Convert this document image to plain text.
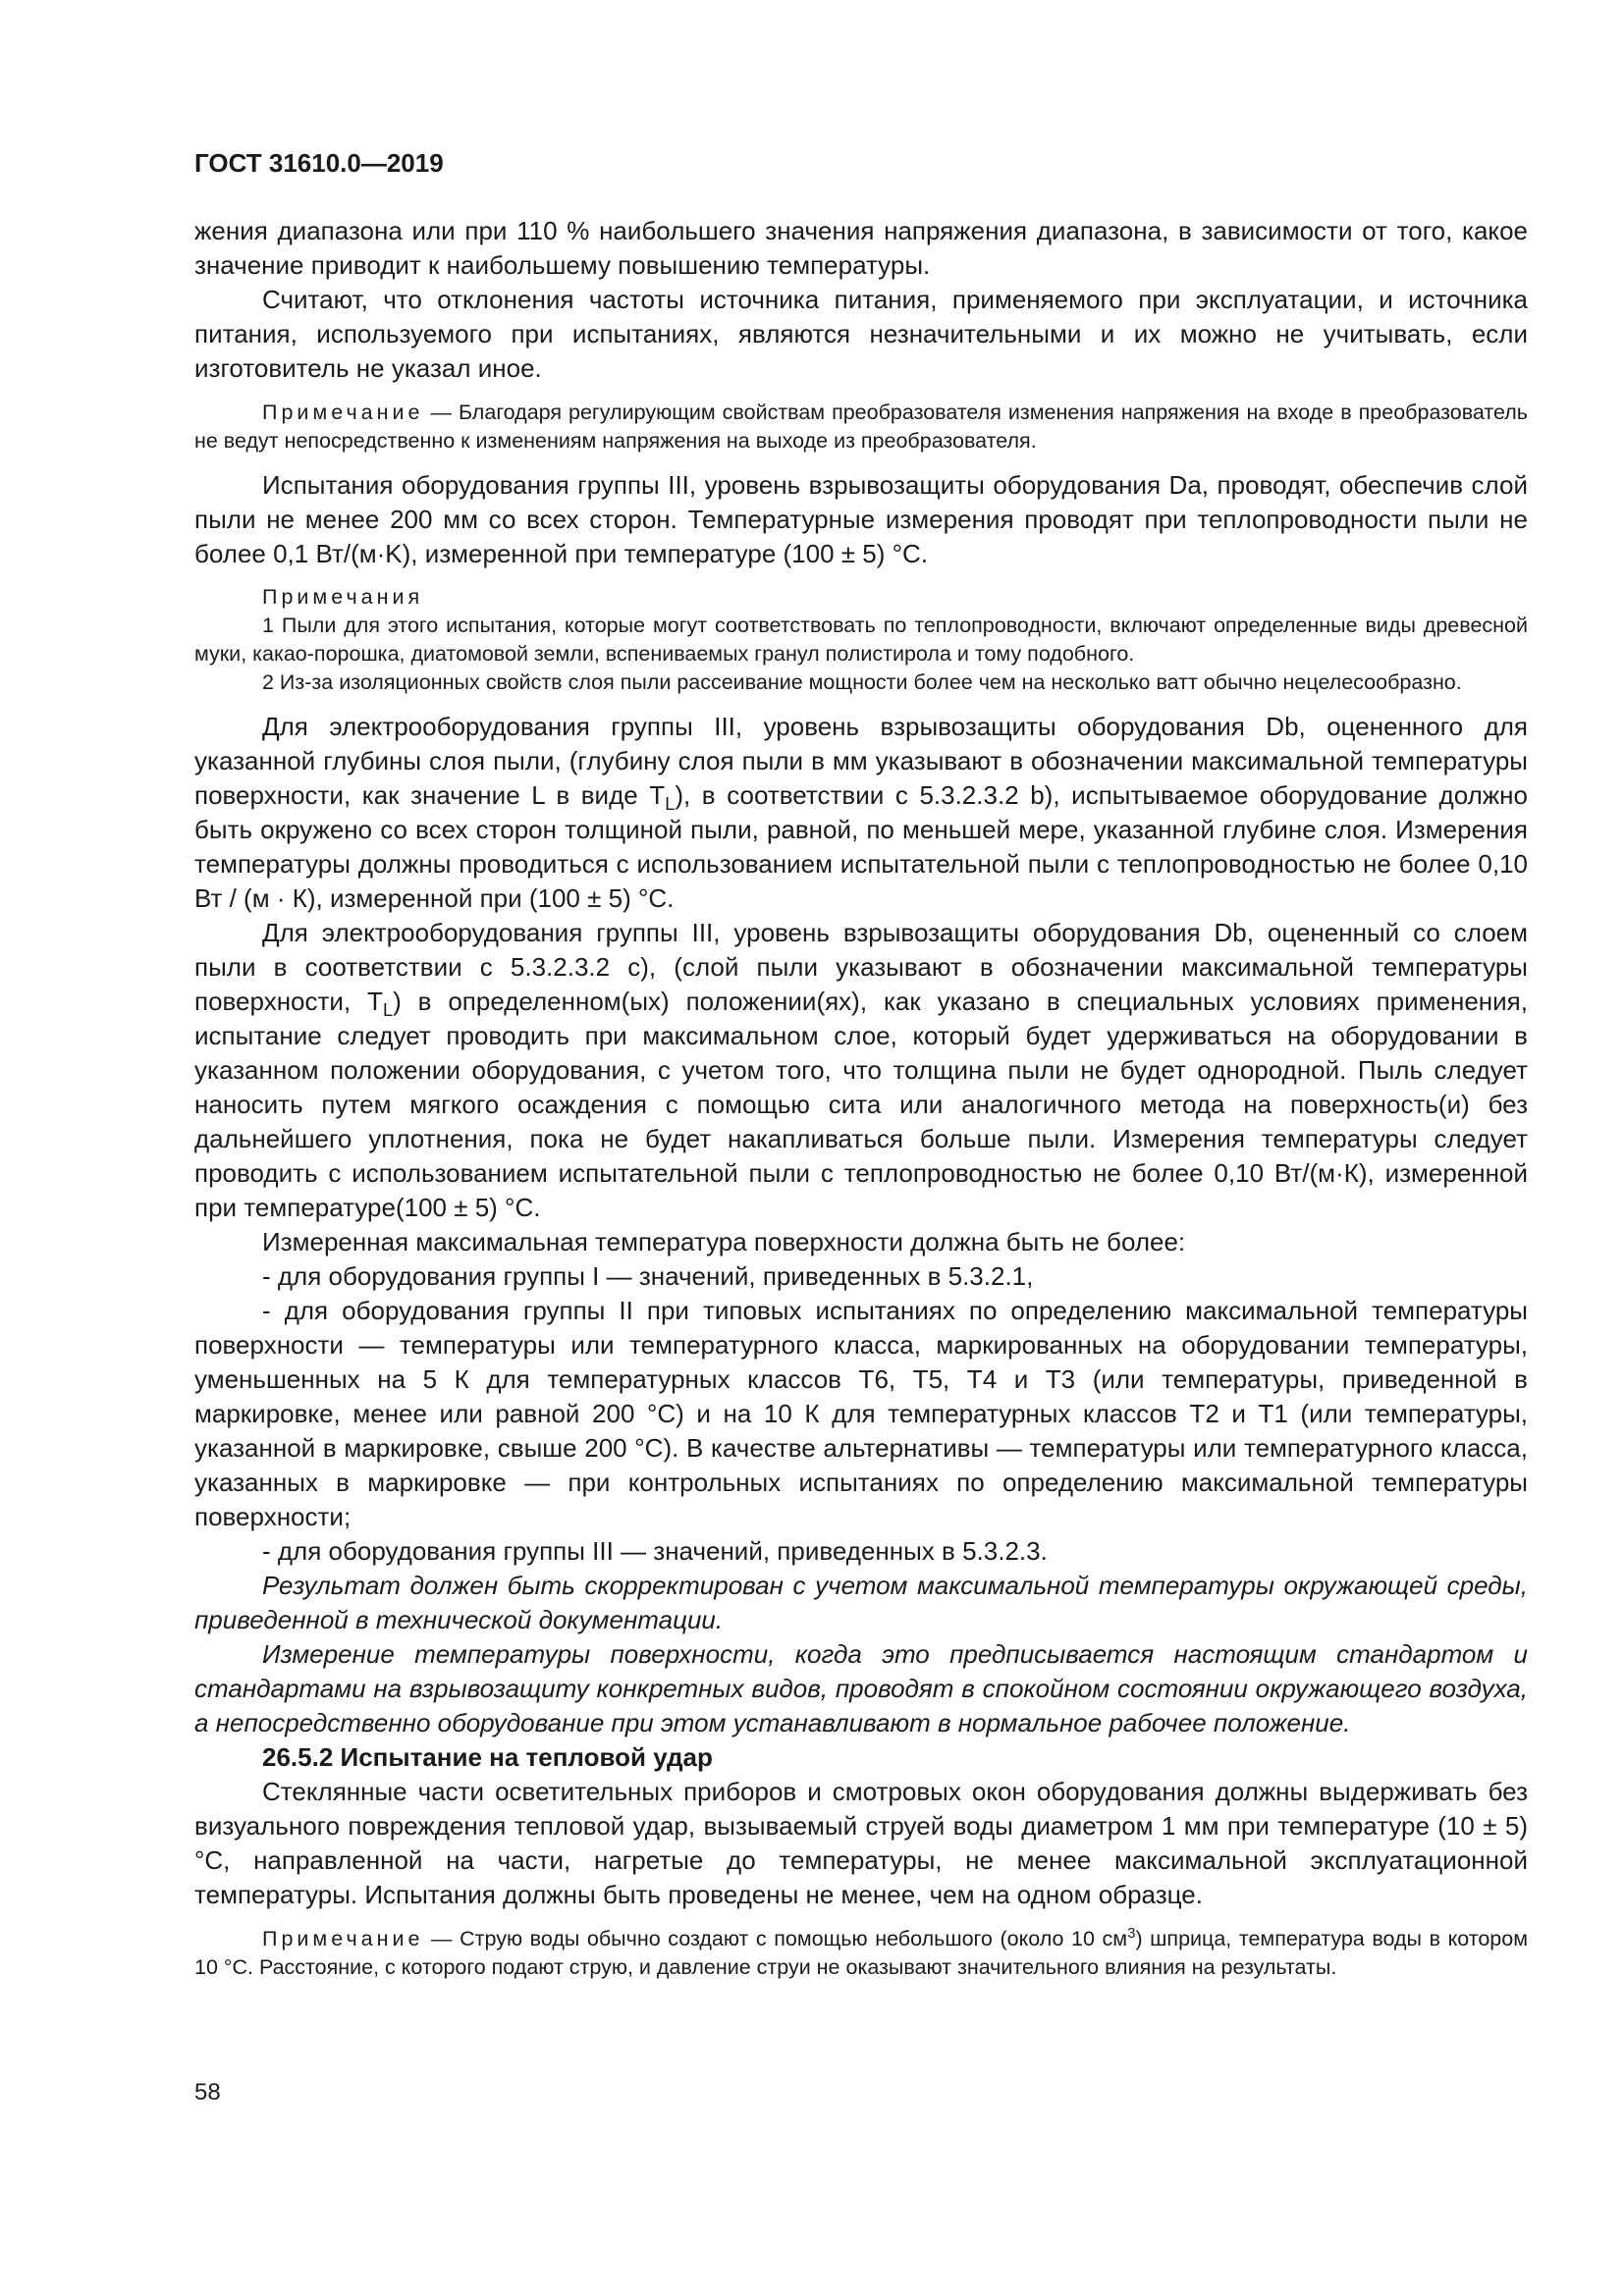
ГОСТ 31610.0—2019

жения диапазона или при 110 % наибольшего значения напряжения диапазона, в зависимости от того, какое значение приводит к наибольшему повышению температуры.

Считают, что отклонения частоты источника питания, применяемого при эксплуатации, и источника питания, используемого при испытаниях, являются незначительными и их можно не учитывать, если изготовитель не указал иное.

Примечание — Благодаря регулирующим свойствам преобразователя изменения напряжения на входе в преобразователь не ведут непосредственно к изменениям напряжения на выходе из преобразователя.

Испытания оборудования группы III, уровень взрывозащиты оборудования Da, проводят, обеспечив слой пыли не менее 200 мм со всех сторон. Температурные измерения проводят при теплопроводности пыли не более 0,1 Вт/(м·K), измеренной при температуре (100 ± 5) °C.

Примечания

1 Пыли для этого испытания, которые могут соответствовать по теплопроводности, включают определенные виды древесной муки, какао-порошка, диатомовой земли, вспениваемых гранул полистирола и тому подобного.

2 Из-за изоляционных свойств слоя пыли рассеивание мощности более чем на несколько ватт обычно нецелесообразно.

Для электрооборудования группы III, уровень взрывозащиты оборудования Db, оцененного для указанной глубины слоя пыли, (глубину слоя пыли в мм указывают в обозначении максимальной температуры поверхности, как значение L в виде $T_L$), в соответствии с 5.3.2.3.2 b), испытываемое оборудование должно быть окружено со всех сторон толщиной пыли, равной, по меньшей мере, указанной глубине слоя. Измерения температуры должны проводиться с использованием испытательной пыли с теплопроводностью не более 0,10 Вт / (м · К), измеренной при (100 ± 5) °С.

Для электрооборудования группы III, уровень взрывозащиты оборудования Db, оцененный со слоем пыли в соответствии с 5.3.2.3.2 c), (слой пыли указывают в обозначении максимальной температуры поверхности, $T_L$) в определенном(ых) положении(ях), как указано в специальных условиях применения, испытание следует проводить при максимальном слое, который будет удерживаться на оборудовании в указанном положении оборудования, с учетом того, что толщина пыли не будет однородной. Пыль следует наносить путем мягкого осаждения с помощью сита или аналогичного метода на поверхность(и) без дальнейшего уплотнения, пока не будет накапливаться больше пыли. Измерения температуры следует проводить с использованием испытательной пыли с теплопроводностью не более 0,10 Вт/(м·К), измеренной при температуре(100 ± 5) °С.

Измеренная максимальная температура поверхности должна быть не более:

- для оборудования группы I — значений, приведенных в 5.3.2.1,

- для оборудования группы II при типовых испытаниях по определению максимальной температуры поверхности — температуры или температурного класса, маркированных на оборудовании температуры, уменьшенных на 5 К для температурных классов Т6, Т5, Т4 и Т3 (или температуры, приведенной в маркировке, менее или равной 200 °С) и на 10 К для температурных классов Т2 и Т1 (или температуры, указанной в маркировке, свыше 200 °С). В качестве альтернативы — температуры или температурного класса, указанных в маркировке — при контрольных испытаниях по определению максимальной температуры поверхности;

- для оборудования группы III — значений, приведенных в 5.3.2.3.

Результат должен быть скорректирован с учетом максимальной температуры окружающей среды, приведенной в технической документации.

Измерение температуры поверхности, когда это предписывается настоящим стандартом и стандартами на взрывозащиту конкретных видов, проводят в спокойном состоянии окружающего воздуха, а непосредственно оборудование при этом устанавливают в нормальное рабочее положение.

26.5.2 Испытание на тепловой удар

Стеклянные части осветительных приборов и смотровых окон оборудования должны выдерживать без визуального повреждения тепловой удар, вызываемый струей воды диаметром 1 мм при температуре (10 ± 5) °С, направленной на части, нагретые до температуры, не менее максимальной эксплуатационной температуры. Испытания должны быть проведены не менее, чем на одном образце.

Примечание — Струю воды обычно создают с помощью небольшого (около 10 $см^3$) шприца, температура воды в котором 10 °С. Расстояние, с которого подают струю, и давление струи не оказывают значительного влияния на результаты.

58
